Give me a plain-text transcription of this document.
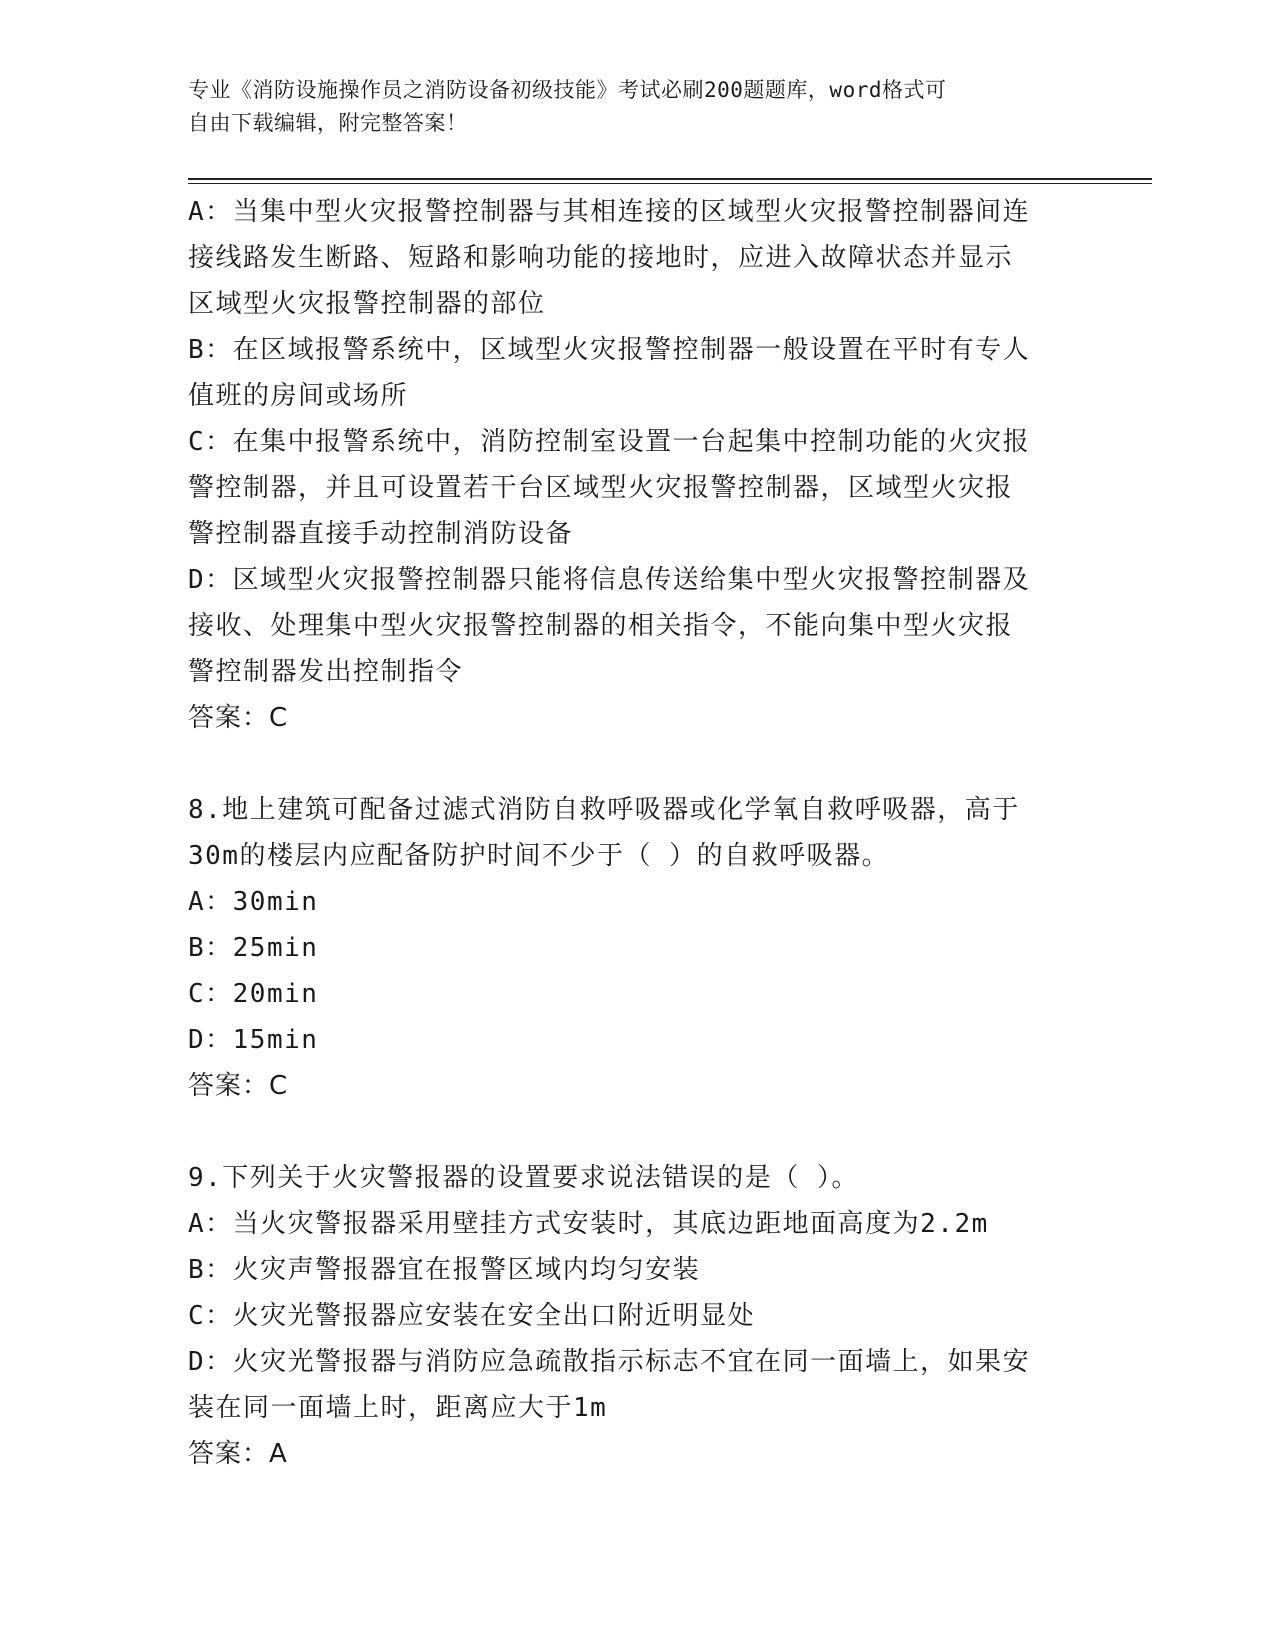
专业《消防设施操作员之消防设备初级技能》考试必刷200题题库，word格式可
自由下载编辑，附完整答案！
A：当集中型火灾报警控制器与其相连接的区域型火灾报警控制器间连
接线路发生断路、短路和影响功能的接地时，应进入故障状态并显示
区域型火灾报警控制器的部位
B：在区域报警系统中，区域型火灾报警控制器一般设置在平时有专人
值班的房间或场所
C：在集中报警系统中，消防控制室设置一台起集中控制功能的火灾报
警控制器，并且可设置若干台区域型火灾报警控制器，区域型火灾报
警控制器直接手动控制消防设备
D：区域型火灾报警控制器只能将信息传送给集中型火灾报警控制器及
接收、处理集中型火灾报警控制器的相关指令，不能向集中型火灾报
警控制器发出控制指令
答案：C
8.地上建筑可配备过滤式消防自救呼吸器或化学氧自救呼吸器，高于
30m的楼层内应配备防护时间不少于（ ）的自救呼吸器。
A：30min
B：25min
C：20min
D：15min
答案：C
9.下列关于火灾警报器的设置要求说法错误的是（ ）。
A：当火灾警报器采用壁挂方式安装时，其底边距地面高度为2.2m
B：火灾声警报器宜在报警区域内均匀安装
C：火灾光警报器应安装在安全出口附近明显处
D：火灾光警报器与消防应急疏散指示标志不宜在同一面墙上，如果安
装在同一面墙上时，距离应大于1m
答案：A
